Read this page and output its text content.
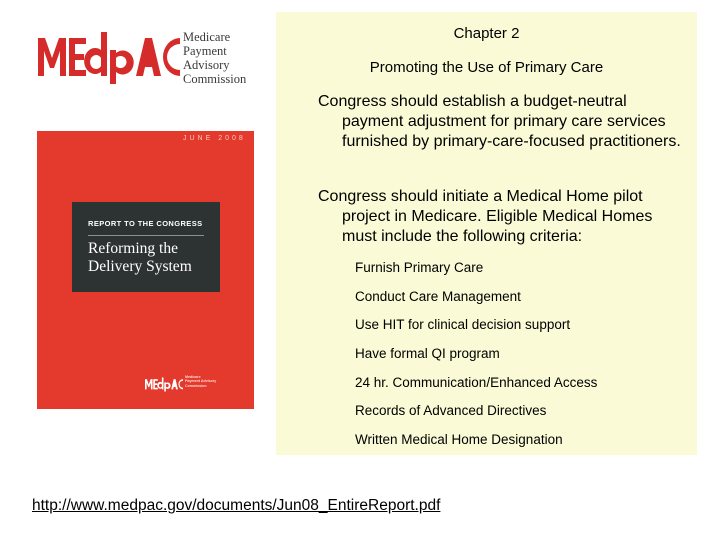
Medicare
Payment Advisory
Commission
JUNE 2008
REPORT TO THE CONGRESS
Reforming the
Delivery System
Medicare
Payment Advisory
Commission
Chapter 2
Promoting the Use of Primary Care
Congress should establish a budget-neutral payment adjustment for primary care services furnished by primary-care-focused practitioners.
Congress should initiate a Medical Home pilot project in Medicare. Eligible Medical Homes must include the following criteria:
Furnish Primary Care
Conduct Care Management
Use HIT for clinical decision support
Have formal QI program
24 hr. Communication/Enhanced Access
Records of Advanced Directives
Written Medical Home Designation
http://www.medpac.gov/documents/Jun08_EntireReport.pdf
